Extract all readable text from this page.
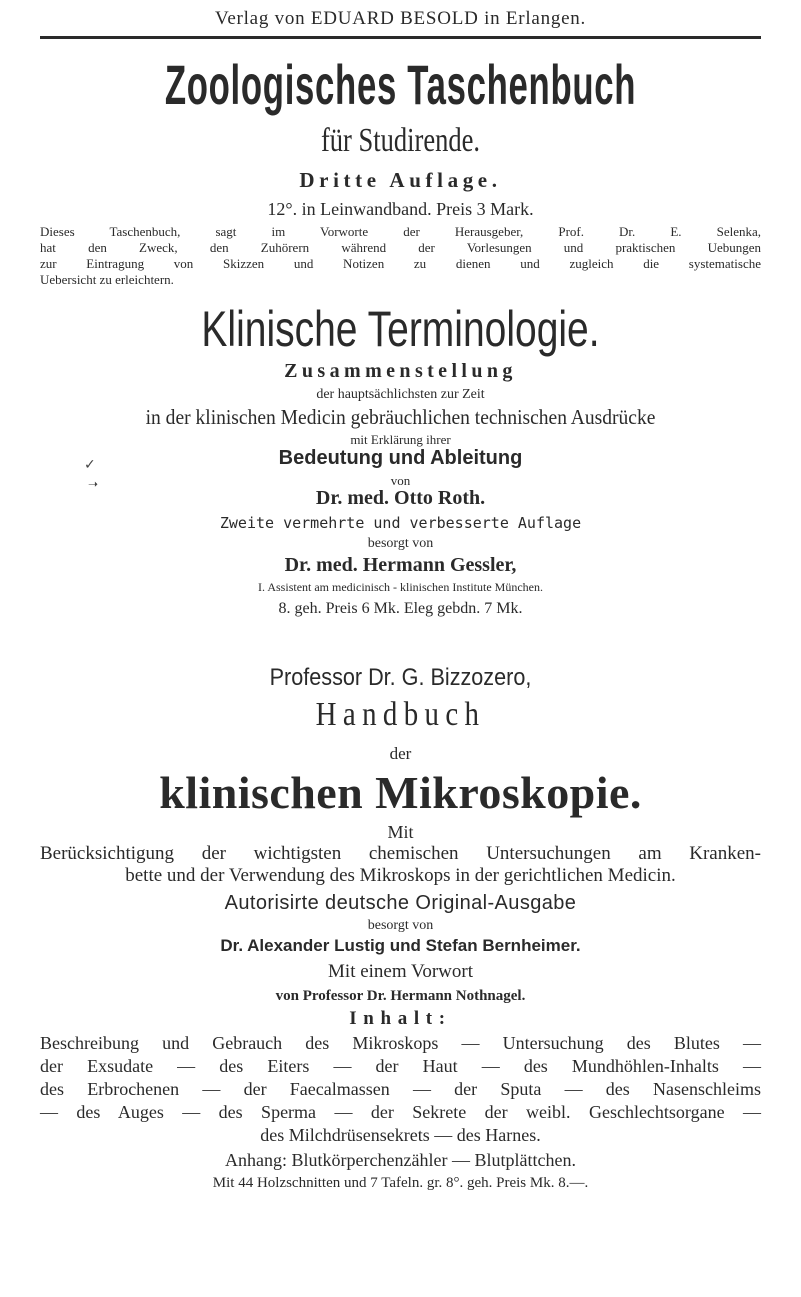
Verlag von EDUARD BESOLD in Erlangen.
Zoologisches Taschenbuch
für Studirende.
Dritte Auflage.
12°. in Leinwandband. Preis 3 Mark.
Dieses Taschenbuch, sagt im Vorworte der Herausgeber, Prof. Dr. E. Selenka,
hat den Zweck, den Zuhörern während der Vorlesungen und praktischen Uebungen
zur Eintragung von Skizzen und Notizen zu dienen und zugleich die systematische
Uebersicht zu erleichtern.
Klinische Terminologie.
Zusammenstellung
der hauptsächlichsten zur Zeit
in der klinischen Medicin gebräuchlichen technischen Ausdrücke
mit Erklärung ihrer
Bedeutung und Ableitung
von
Dr. med. Otto Roth.
Zweite vermehrte und verbesserte Auflage
besorgt von
Dr. med. Hermann Gessler,
I. Assistent am medicinisch - klinischen Institute München.
8. geh. Preis 6 Mk. Eleg gebdn. 7 Mk.
✓
➝
Professor Dr. G. Bizzozero,
Handbuch
der
klinischen Mikroskopie.
Mit
Berücksichtigung der wichtigsten chemischen Untersuchungen am Kranken-
bette und der Verwendung des Mikroskops in der gerichtlichen Medicin.
Autorisirte deutsche Original-Ausgabe
besorgt von
Dr. Alexander Lustig und Stefan Bernheimer.
Mit einem Vorwort
von Professor Dr. Hermann Nothnagel.
Inhalt:
Beschreibung und Gebrauch des Mikroskops — Untersuchung des Blutes —
der Exsudate — des Eiters — der Haut — des Mundhöhlen-Inhalts —
des Erbrochenen — der Faecalmassen — der Sputa — des Nasenschleims
— des Auges — des Sperma — der Sekrete der weibl. Geschlechtsorgane —
des Milchdrüsensekrets — des Harnes.
Anhang: Blutkörperchenzähler — Blutplättchen.
Mit 44 Holzschnitten und 7 Tafeln. gr. 8°. geh. Preis Mk. 8.—.
